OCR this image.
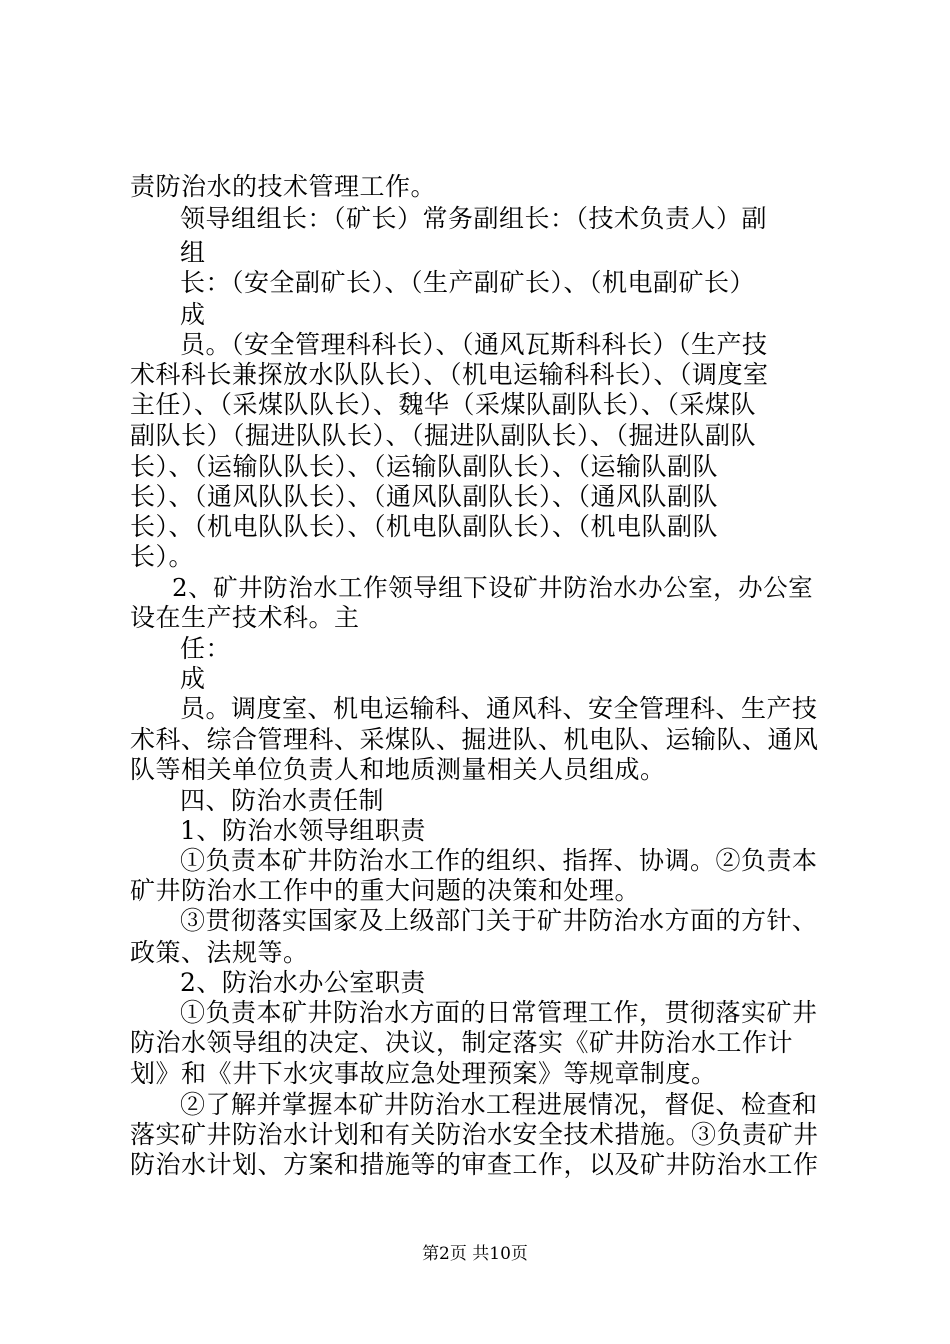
责防治水的技术管理工作。
领导组组长：（矿长）常务副组长：（技术负责人）副
组
长：（安全副矿长）、（生产副矿长）、（机电副矿长）
成
员。（安全管理科科长）、（通风瓦斯科科长）（生产技
术科科长兼探放水队队长）、（机电运输科科长）、（调度室
主任）、（采煤队队长）、魏华（采煤队副队长）、（采煤队
副队长）（掘进队队长）、（掘进队副队长）、（掘进队副队
长）、（运输队队长）、（运输队副队长）、（运输队副队
长）、（通风队队长）、（通风队副队长）、（通风队副队
长）、（机电队队长）、（机电队副队长）、（机电队副队
长）。
2、矿井防治水工作领导组下设矿井防治水办公室，办公室
设在生产技术科。主
任：
成
员。调度室、机电运输科、通风科、安全管理科、生产技
术科、综合管理科、采煤队、掘进队、机电队、运输队、通风
队等相关单位负责人和地质测量相关人员组成。
四、防治水责任制
1、防治水领导组职责
①负责本矿井防治水工作的组织、指挥、协调。②负责本
矿井防治水工作中的重大问题的决策和处理。
③贯彻落实国家及上级部门关于矿井防治水方面的方针、
政策、法规等。
2、防治水办公室职责
①负责本矿井防治水方面的日常管理工作，贯彻落实矿井
防治水领导组的决定、决议，制定落实《矿井防治水工作计
划》和《井下水灾事故应急处理预案》等规章制度。
②了解并掌握本矿井防治水工程进展情况，督促、检查和
落实矿井防治水计划和有关防治水安全技术措施。③负责矿井
防治水计划、方案和措施等的审查工作，以及矿井防治水工作
第2页 共10页
